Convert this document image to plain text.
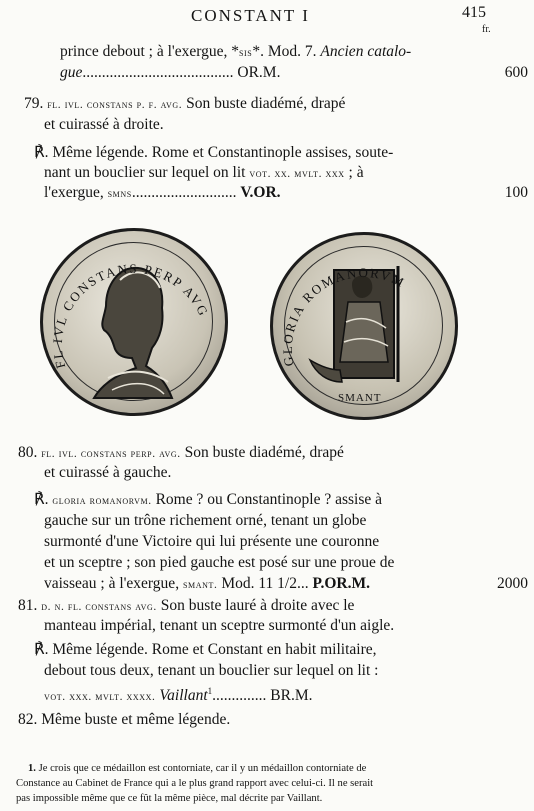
CONSTANT I	415
fr.
prince debout ; à l'exergue, *sis*. Mod. 7. Ancien catalo-
gue....................................... OR.M.	600
79. fl. ivl. constans p. f. avg. Son buste diadémé, drapé
et cuirassé à droite.
℟. Même légende. Rome et Constantinople assises, soute-
nant un bouclier sur lequel on lit vot. xx. mvlt. xxx ; à
l'exergue, smns........................... V.OR.	100
FL IVL CONSTANS PERP AVG
GLORIA ROMANORVM
SMANT
80. fl. ivl. constans perp. avg. Son buste diadémé, drapé
et cuirassé à gauche.
℟. gloria romanorvm. Rome ? ou Constantinople ? assise à
gauche sur un trône richement orné, tenant un globe
surmonté d'une Victoire qui lui présente une couronne
et un sceptre ; son pied gauche est posé sur une proue de
vaisseau ; à l'exergue, smant. Mod. 11 1/2... P.OR.M.	2000
81. d. n. fl. constans avg. Son buste lauré à droite avec le
manteau impérial, tenant un sceptre surmonté d'un aigle.
℟. Même légende. Rome et Constant en habit militaire,
debout tous deux, tenant un bouclier sur lequel on lit :
vot. xxx. mvlt. xxxx. Vaillant$^1$.............. BR.M.
82. Même buste et même légende.
1. Je crois que ce médaillon est contorniate, car il y un médaillon contorniate de
Constance au Cabinet de France qui a le plus grand rapport avec celui-ci. Il ne serait
pas impossible même que ce fût la même pièce, mal décrite par Vaillant.
